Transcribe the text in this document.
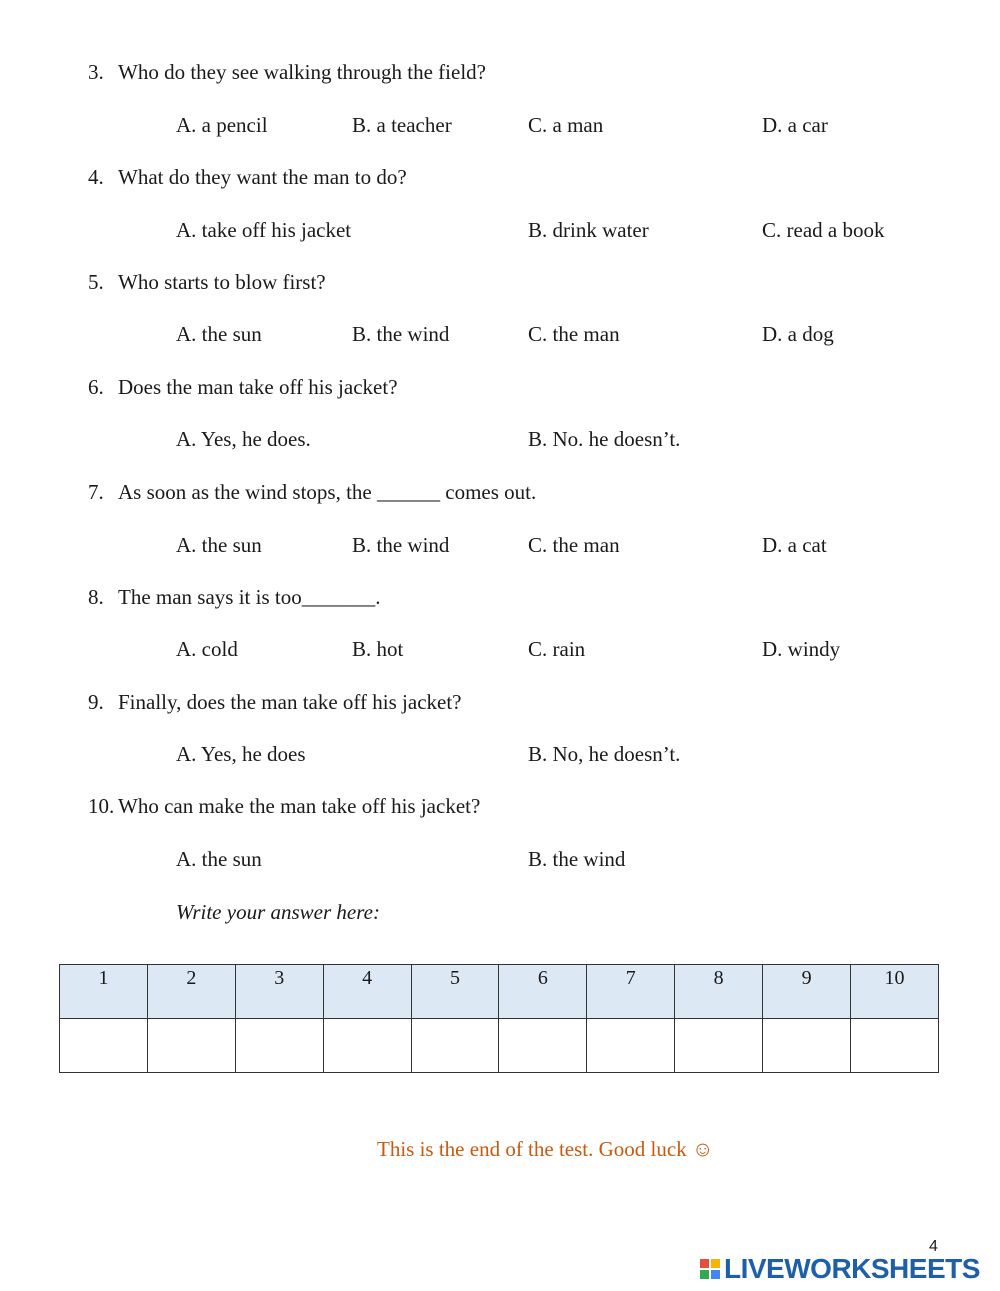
3. Who do they see walking through the field?
A. a pencil	B. a teacher	C. a man	D. a car
4. What do they want the man to do?
A. take off his jacket	B. drink water	C. read a book
5. Who starts to blow first?
A. the sun	B. the wind	C. the man	D. a dog
6. Does the man take off his jacket?
A. Yes, he does.	B. No. he doesn’t.
7. As soon as the wind stops, the ______ comes out.
A. the sun	B. the wind	C. the man	D. a cat
8. The man says it is too_______.
A. cold	B. hot	C. rain	D. windy
9. Finally, does the man take off his jacket?
A. Yes, he does	B. No, he doesn’t.
10. Who can make the man take off his jacket?
A. the sun	B. the wind
Write your answer here:
1	2	3	4	5	6	7	8	9	10

This is the end of the test. Good luck ☺
4
LIVEWORKSHEETS
